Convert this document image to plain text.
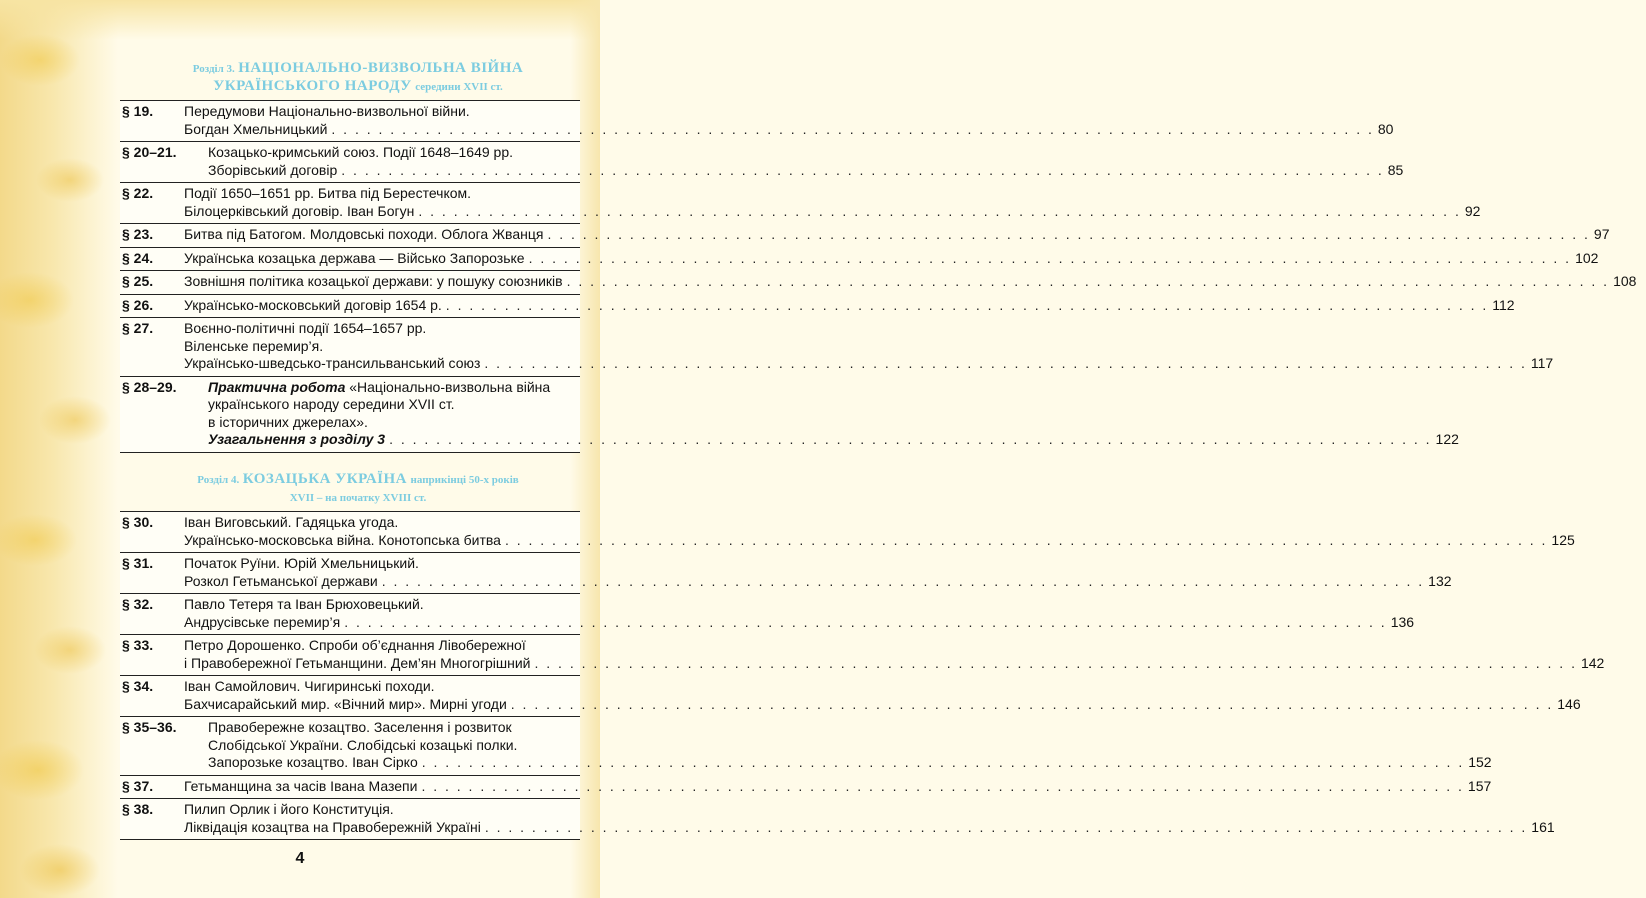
Розділ 3. НАЦІОНАЛЬНО-ВИЗВОЛЬНА ВІЙНА
УКРАЇНСЬКОГО НАРОДУ середини XVII ст.
§ 19.	Передумови Національно-визвольної війни.
Богдан Хмельницький . . .	80
§ 20–21.	Козацько-кримський союз. Події 1648–1649 рр.
Зборівський договір . . .	85
§ 22.	Події 1650–1651 рр. Битва під Берестечком.
Білоцерківський договір. Іван Богун . . .	92
§ 23.	Битва під Батогом. Молдовські походи. Облога Жванця . . .	97
§ 24.	Українська козацька держава — Військо Запорозьке . . .	102
§ 25.	Зовнішня політика козацької держави: у пошуку союзників . . .	108
§ 26.	Українсько-московський договір 1654 р. . . .	112
§ 27.	Воєнно-політичні події 1654–1657 рр.
Віленське перемир’я.
Українсько-шведсько-трансильванський союз . . .	117
§ 28–29.	Практична робота «Національно-визвольна війна
українського народу середини XVII ст.
в історичних джерелах».
Узагальнення з розділу 3 . . .	122
Розділ 4. КОЗАЦЬКА УКРАЇНА наприкінці 50-х років
XVII – на початку XVIII ст.
§ 30.	Іван Виговський. Гадяцька угода.
Українсько-московська війна. Конотопська битва . . .	125
§ 31.	Початок Руїни. Юрій Хмельницький.
Розкол Гетьманської держави . . .	132
§ 32.	Павло Тетеря та Іван Брюховецький.
Андрусівське перемир’я . . .	136
§ 33.	Петро Дорошенко. Спроби об’єднання Лівобережної
і Правобережної Гетьманщини. Дем’ян Многогрішний . . .	142
§ 34.	Іван Самойлович. Чигиринські походи.
Бахчисарайський мир. «Вічний мир». Мирні угоди . . .	146
§ 35–36.	Правобережне козацтво. Заселення і розвиток
Слобідської України. Слобідські козацькі полки.
Запорозьке козацтво. Іван Сірко . . .	152
§ 37.	Гетьманщина за часів Івана Мазепи . . .	157
§ 38.	Пилип Орлик і його Конституція.
Ліквідація козацтва на Правобережній Україні . . .	161
4
